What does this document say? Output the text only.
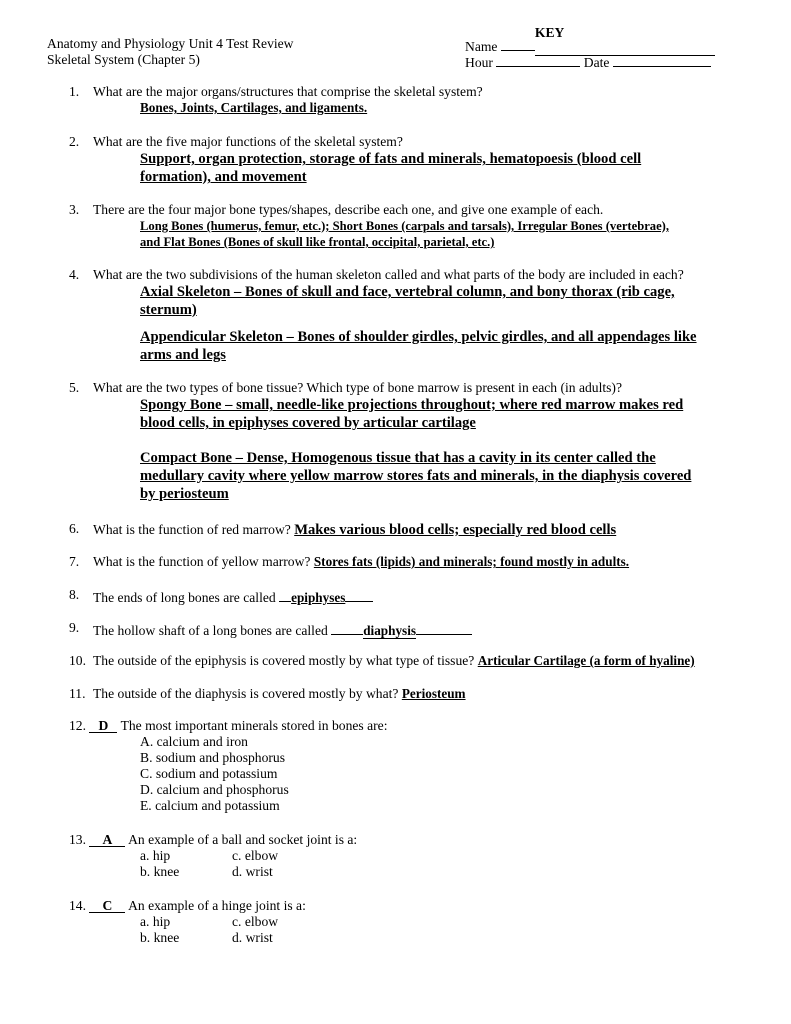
Anatomy and Physiology Unit 4 Test Review
Skeletal System (Chapter 5)
Name
KEY

Hour	Date
1. What are the major organs/structures that comprise the skeletal system?
Bones, Joints, Cartilages, and ligaments.
2. What are the five major functions of the skeletal system?
Support, organ protection, storage of fats and minerals, hematopoesis (blood cell
formation), and movement
3. There are the four major bone types/shapes, describe each one, and give one example of each.
Long Bones (humerus, femur, etc.); Short Bones (carpals and tarsals), Irregular Bones (vertebrae),
and Flat Bones (Bones of skull like frontal, occipital, parietal, etc.)
4. What are the two subdivisions of the human skeleton called and what parts of the body are included in each?
Axial Skeleton – Bones of skull and face, vertebral column, and bony thorax (rib cage,
sternum)
Appendicular Skeleton – Bones of shoulder girdles, pelvic girdles, and all appendages like
arms and legs
5. What are the two types of bone tissue? Which type of bone marrow is present in each (in adults)?
Spongy Bone – small, needle-like projections throughout; where red marrow makes red
blood cells, in epiphyses covered by articular cartilage
Compact Bone – Dense, Homogenous tissue that has a cavity in its center called the
medullary cavity where yellow marrow stores fats and minerals, in the diaphysis covered
by periosteum
6. What is the function of red marrow? Makes various blood cells; especially red blood cells
7. What is the function of yellow marrow? Stores fats (lipids) and minerals; found mostly in adults.
8. The ends of long bones are called epiphyses
9. The hollow shaft of a long bones are called	diaphysis
10. The outside of the epiphysis is covered mostly by what type of tissue? Articular Cartilage (a form of hyaline)
11. The outside of the diaphysis is covered mostly by what? Periosteum
12. D The most important minerals stored in bones are:
A. calcium and iron
B. sodium and phosphorus
C. sodium and potassium
D. calcium and phosphorus
E. calcium and potassium
13. A An example of a ball and socket joint is a:
a. hip	c. elbow
b. knee	d. wrist
14. C An example of a hinge joint is a:
a. hip	c. elbow
b. knee	d. wrist
